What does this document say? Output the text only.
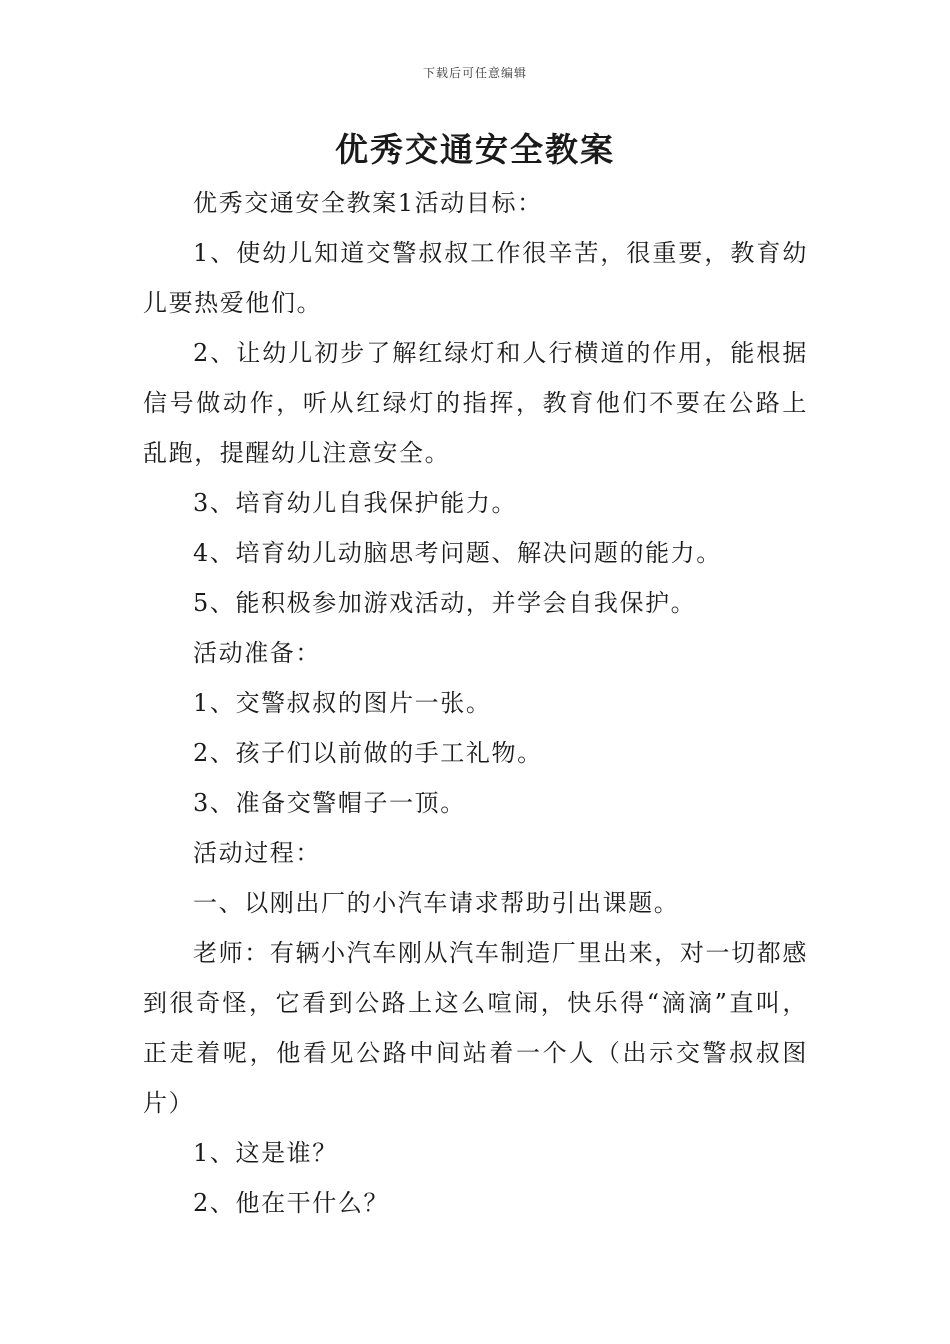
下载后可任意编辑
优秀交通安全教案

优秀交通安全教案1活动目标：

1、使幼儿知道交警叔叔工作很辛苦，很重要，教育幼儿要热爱他们。

2、让幼儿初步了解红绿灯和人行横道的作用，能根据信号做动作，听从红绿灯的指挥，教育他们不要在公路上乱跑，提醒幼儿注意安全。

3、培育幼儿自我保护能力。

4、培育幼儿动脑思考问题、解决问题的能力。

5、能积极参加游戏活动，并学会自我保护。

活动准备：

1、交警叔叔的图片一张。

2、孩子们以前做的手工礼物。

3、准备交警帽子一顶。

活动过程：

一、以刚出厂的小汽车请求帮助引出课题。

老师：有辆小汽车刚从汽车制造厂里出来，对一切都感到很奇怪，它看到公路上这么喧闹，快乐得“滴滴”直叫，正走着呢，他看见公路中间站着一个人（出示交警叔叔图片）

1、这是谁？

2、他在干什么？
